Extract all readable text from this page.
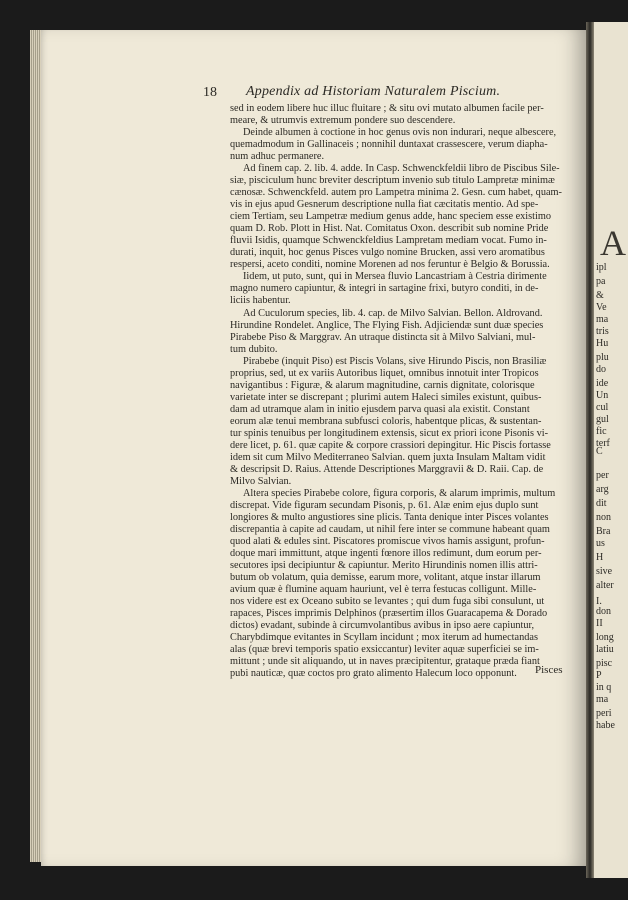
A
ipl
pa
&
Ve
ma
tris
Hu
plu
do
ide
Un
cul
gul
fic
terf
C
per
arg
dit
non
Bra
us
H
sive
alter
I.
don
II
long
latiu
pisc
P
in q
ma
peri
habe
18 Appendix ad Historiam Naturalem Piscium.
sed in eodem libere huc illuc fluitare ; & situ ovi mutato albumen facile per-
meare, & utrumvis extremum pondere suo descendere.
Deinde albumen à coctione in hoc genus ovis non indurari, neque albescere,
quemadmodum in Gallinaceis ; nonnihil duntaxat crassescere, verum diapha-
num adhuc permanere.
Ad finem cap. 2. lib. 4. adde. In Casp. Schwenckfeldii libro de Piscibus Sile-
siæ, pisciculum hunc breviter descriptum invenio sub titulo Lampretæ minimæ
cænosæ. Schwenckfeld. autem pro Lampetra minima 2. Gesn. cum habet, quam-
vis in ejus apud Gesnerum descriptione nulla fiat cæcitatis mentio. Ad spe-
ciem Tertiam, seu Lampetræ medium genus adde, hanc speciem esse existimo
quam D. Rob. Plott in Hist. Nat. Comitatus Oxon. describit sub nomine Pride
fluvii Isidis, quamque Schwenckfeldius Lampretam mediam vocat. Fumo in-
durati, inquit, hoc genus Pisces vulgo nomine Brucken, assi vero aromatibus
respersi, aceto conditi, nomine Morenen ad nos feruntur è Belgio & Borussia.
Iidem, ut puto, sunt, qui in Mersea fluvio Lancastriam à Cestria dirimente
magno numero capiuntur, & integri in sartagine frixi, butyro conditi, in de-
liciis habentur.
Ad Cuculorum species, lib. 4. cap. de Milvo Salvian. Bellon. Aldrovand.
Hirundine Rondelet. Anglice, The Flying Fish. Adjiciendæ sunt duæ species
Pirabebe Piso & Marggrav. An utraque distincta sit à Milvo Salviani, mul-
tum dubito.
Pirabebe (inquit Piso) est Piscis Volans, sive Hirundo Piscis, non Brasiliæ
proprius, sed, ut ex variis Autoribus liquet, omnibus innotuit inter Tropicos
navigantibus : Figuræ, & alarum magnitudine, carnis dignitate, colorisque
varietate inter se discrepant ; plurimi autem Haleci similes existunt, quibus-
dam ad utramque alam in initio ejusdem parva quasi ala existit. Constant
eorum alæ tenui membrana subfusci coloris, habentque plicas, & sustentan-
tur spinis tenuibus per longitudinem extensis, sicut ex priori icone Pisonis vi-
dere licet, p. 61. quæ capite & corpore crassiori depingitur. Hic Piscis fortasse
idem sit cum Milvo Mediterraneo Salvian. quem juxta Insulam Maltam vidit
& descripsit D. Raius. Attende Descriptiones Marggravii & D. Raii. Cap. de
Milvo Salvian.
Altera species Pirabebe colore, figura corporis, & alarum imprimis, multum
discrepat. Vide figuram secundam Pisonis, p. 61. Alæ enim ejus duplo sunt
longiores & multo angustiores sine plicis. Tanta denique inter Pisces volantes
discrepantia à capite ad caudam, ut nihil fere inter se commune habeant quam
quod alati & edules sint. Piscatores promiscue vivos hamis assigunt, profun-
doque mari immittunt, atque ingenti fœnore illos redimunt, dum eorum per-
secutores ipsi decipiuntur & capiuntur. Merito Hirundinis nomen illis attri-
butum ob volatum, quia demisse, earum more, volitant, atque instar illarum
avium quæ è flumine aquam hauriunt, vel è terra festucas colligunt. Mille-
nos videre est ex Oceano subito se levantes ; qui dum fuga sibi consulunt, ut
rapaces, Pisces imprimis Delphinos (præsertim illos Guaracapema & Dorado
dictos) evadant, subinde à circumvolantibus avibus in ipso aere capiuntur,
Charybdimque evitantes in Scyllam incidunt ; mox iterum ad humectandas
alas (quæ brevi temporis spatio exsiccantur) leviter aquæ superficiei se im-
mittunt ; unde sit aliquando, ut in naves præcipitentur, grataque præda fiant
pubi nauticæ, quæ coctos pro grato alimento Halecum loco opponunt. Pisces
